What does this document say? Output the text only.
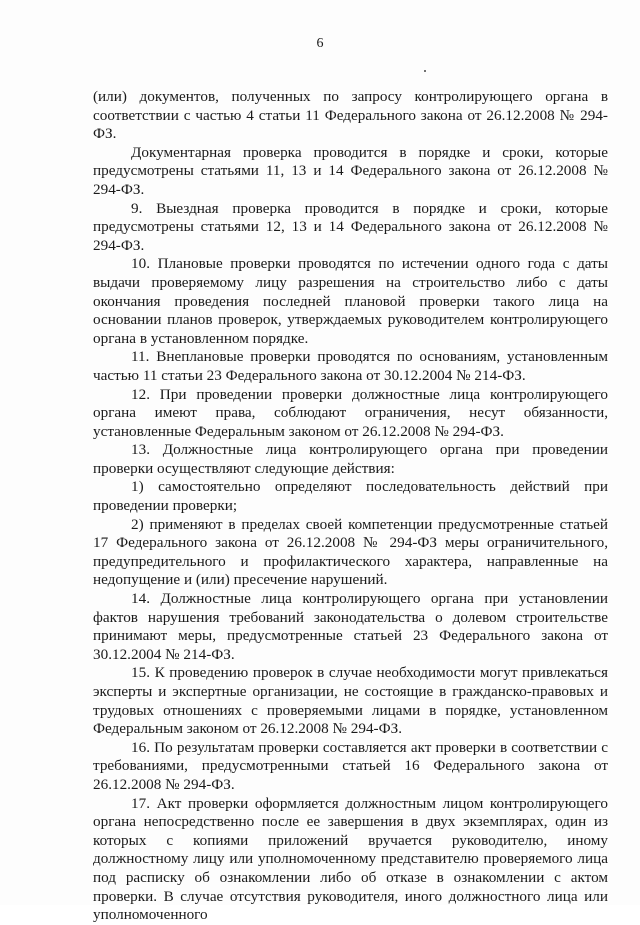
6

(или) документов, полученных по запросу контролирующего органа в соответствии с частью 4 статьи 11 Федерального закона от 26.12.2008 № 294-ФЗ.

Документарная проверка проводится в порядке и сроки, которые предусмотрены статьями 11, 13 и 14 Федерального закона от 26.12.2008 № 294-ФЗ.

9. Выездная проверка проводится в порядке и сроки, которые предусмотрены статьями 12, 13 и 14 Федерального закона от 26.12.2008 № 294-ФЗ.

10. Плановые проверки проводятся по истечении одного года с даты выдачи проверяемому лицу разрешения на строительство либо с даты окончания проведения последней плановой проверки такого лица на основании планов проверок, утверждаемых руководителем контролирующего органа в установленном порядке.

11. Внеплановые проверки проводятся по основаниям, установленным частью 11 статьи 23 Федерального закона от 30.12.2004 № 214-ФЗ.

12. При проведении проверки должностные лица контролирующего органа имеют права, соблюдают ограничения, несут обязанности, установленные Федеральным законом от 26.12.2008 № 294-ФЗ.

13. Должностные лица контролирующего органа при проведении проверки осуществляют следующие действия:

1) самостоятельно определяют последовательность действий при проведении проверки;

2) применяют в пределах своей компетенции предусмотренные статьей 17 Федерального закона от 26.12.2008 № 294-ФЗ меры ограничительного, предупредительного и профилактического характера, направленные на недопущение и (или) пресечение нарушений.

14. Должностные лица контролирующего органа при установлении фактов нарушения требований законодательства о долевом строительстве принимают меры, предусмотренные статьей 23 Федерального закона от 30.12.2004 № 214-ФЗ.

15. К проведению проверок в случае необходимости могут привлекаться эксперты и экспертные организации, не состоящие в гражданско-правовых и трудовых отношениях с проверяемыми лицами в порядке, установленном Федеральным законом от 26.12.2008 № 294-ФЗ.

16. По результатам проверки составляется акт проверки в соответствии с требованиями, предусмотренными статьей 16 Федерального закона от 26.12.2008 № 294-ФЗ.

17. Акт проверки оформляется должностным лицом контролирующего органа непосредственно после ее завершения в двух экземплярах, один из которых с копиями приложений вручается руководителю, иному должностному лицу или уполномоченному представителю проверяемого лица под расписку об ознакомлении либо об отказе в ознакомлении с актом проверки. В случае отсутствия руководителя, иного должностного лица или уполномоченного
